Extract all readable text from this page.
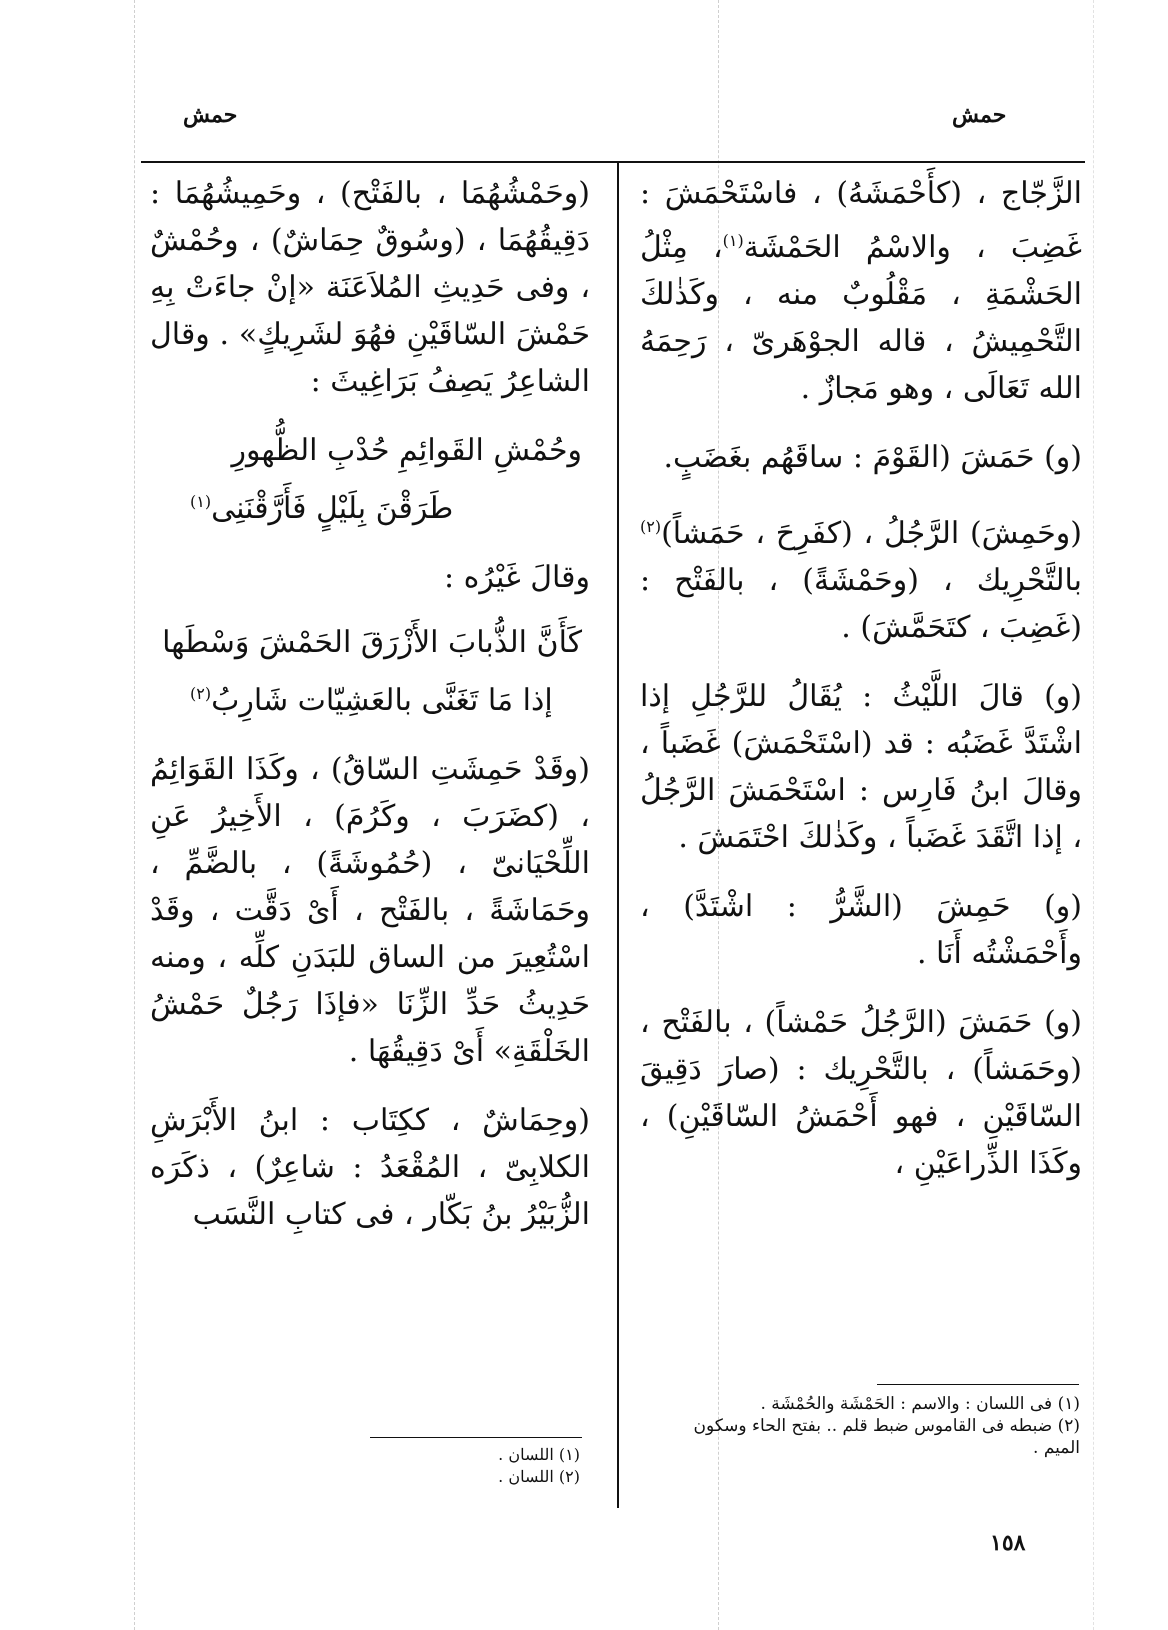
حمش	حمش

الزَّجّاج ، (كأَحْمَشَهُ) ، فاسْتَحْمَشَ : غَضِبَ ، والاسْمُ الحَمْشَة$^{(١)}$، مِثْلُ الحَشْمَةِ ، مَقْلُوبٌ منه ، وكَذٰلكَ التَّحْمِيشُ ، قاله الجوْهَرىّ ، رَحِمَهُ الله تَعَالَى ، وهو مَجازٌ .

(و) حَمَشَ (القَوْمَ : ساقَهُم بغَضَبٍ.

(وحَمِشَ) الرَّجُلُ ، (كفَرِحَ ، حَمَشاً)$^{(٢)}$ بالتَّحْرِيك ، (وحَمْشَةً) ، بالفَتْح : (غَضِبَ ، كتَحَمَّشَ) .

(و) قالَ اللَّيْثُ : يُقَالُ للرَّجُلِ إذا اشْتَدَّ غَضَبُه : قد (اسْتَحْمَشَ) غَضَباً ، وقالَ ابنُ فَارِس : اسْتَحْمَشَ الرَّجُلُ ، إذا اتَّقَدَ غَضَباً ، وكَذٰلكَ احْتَمَشَ .

(و) حَمِشَ (الشَّرُّ : اشْتَدَّ) ، وأَحْمَشْتُه أَنَا .

(و) حَمَشَ (الرَّجُلُ حَمْشاً) ، بالفَتْح ، (وحَمَشاً) ، بالتَّحْرِيك : (صارَ دَقِيقَ السّاقَيْنِ ، فهو أَحْمَشُ السّاقَيْنِ) ، وكَذَا الذِّراعَيْنِ ،

(وحَمْشُهُمَا ، بالفَتْح) ، وحَمِيشُهُمَا : دَقِيقُهُمَا ، (وسُوقٌ حِمَاشٌ) ، وحُمْشٌ ، وفى حَدِيثِ المُلاَعَنَة «إنْ جاءَتْ بِهِ حَمْشَ السّاقَيْنِ فهُوَ لشَرِيكٍ» . وقال الشاعِرُ يَصِفُ بَرَاغِيثَ :

وحُمْشِ القَوائِمِ حُدْبِ الظُّهورِ
طَرَقْنَ بِلَيْلٍ فَأَرَّقْنَنِى$^{(١)}$

وقالَ غَيْرُه :

كَأَنَّ الذُّبابَ الأَزْرَقَ الحَمْشَ وَسْطَها
إذا مَا تَغَنَّى بالعَشِيّات شَارِبُ$^{(٢)}$

(وقَدْ حَمِشَتِ السّاقُ) ، وكَذَا القَوَائِمُ ، (كضَرَبَ ، وكَرُمَ) ، الأَخِيرُ عَنِ اللِّحْيَانىّ ، (حُمُوشَةً) ، بالضَّمِّ ، وحَمَاشَةً ، بالفَتْح ، أَىْ دَقَّت ، وقَدْ اسْتُعِيرَ من الساق للبَدَنِ كلِّه ، ومنه حَدِيثُ حَدِّ الزِّنَا «فإذَا رَجُلٌ حَمْشُ الخَلْقَةِ» أَىْ دَقِيقُهَا .

(وحِمَاشٌ ، ككِتَاب : ابنُ الأَبْرَشِ الكلابِىّ ، المُقْعَدُ : شاعِرٌ) ، ذكَرَه الزُّبَيْرُ بنُ بَكّار ، فى كتابِ النَّسَب

(١) اللسان .
(٢) اللسان .
(١) فى اللسان : والاسم : الحَمْشَة والحُمْشَة .
(٢) ضبطه فى القاموس ضبط قلم .. بفتح الحاء وسكون الميم .
١٥٨
